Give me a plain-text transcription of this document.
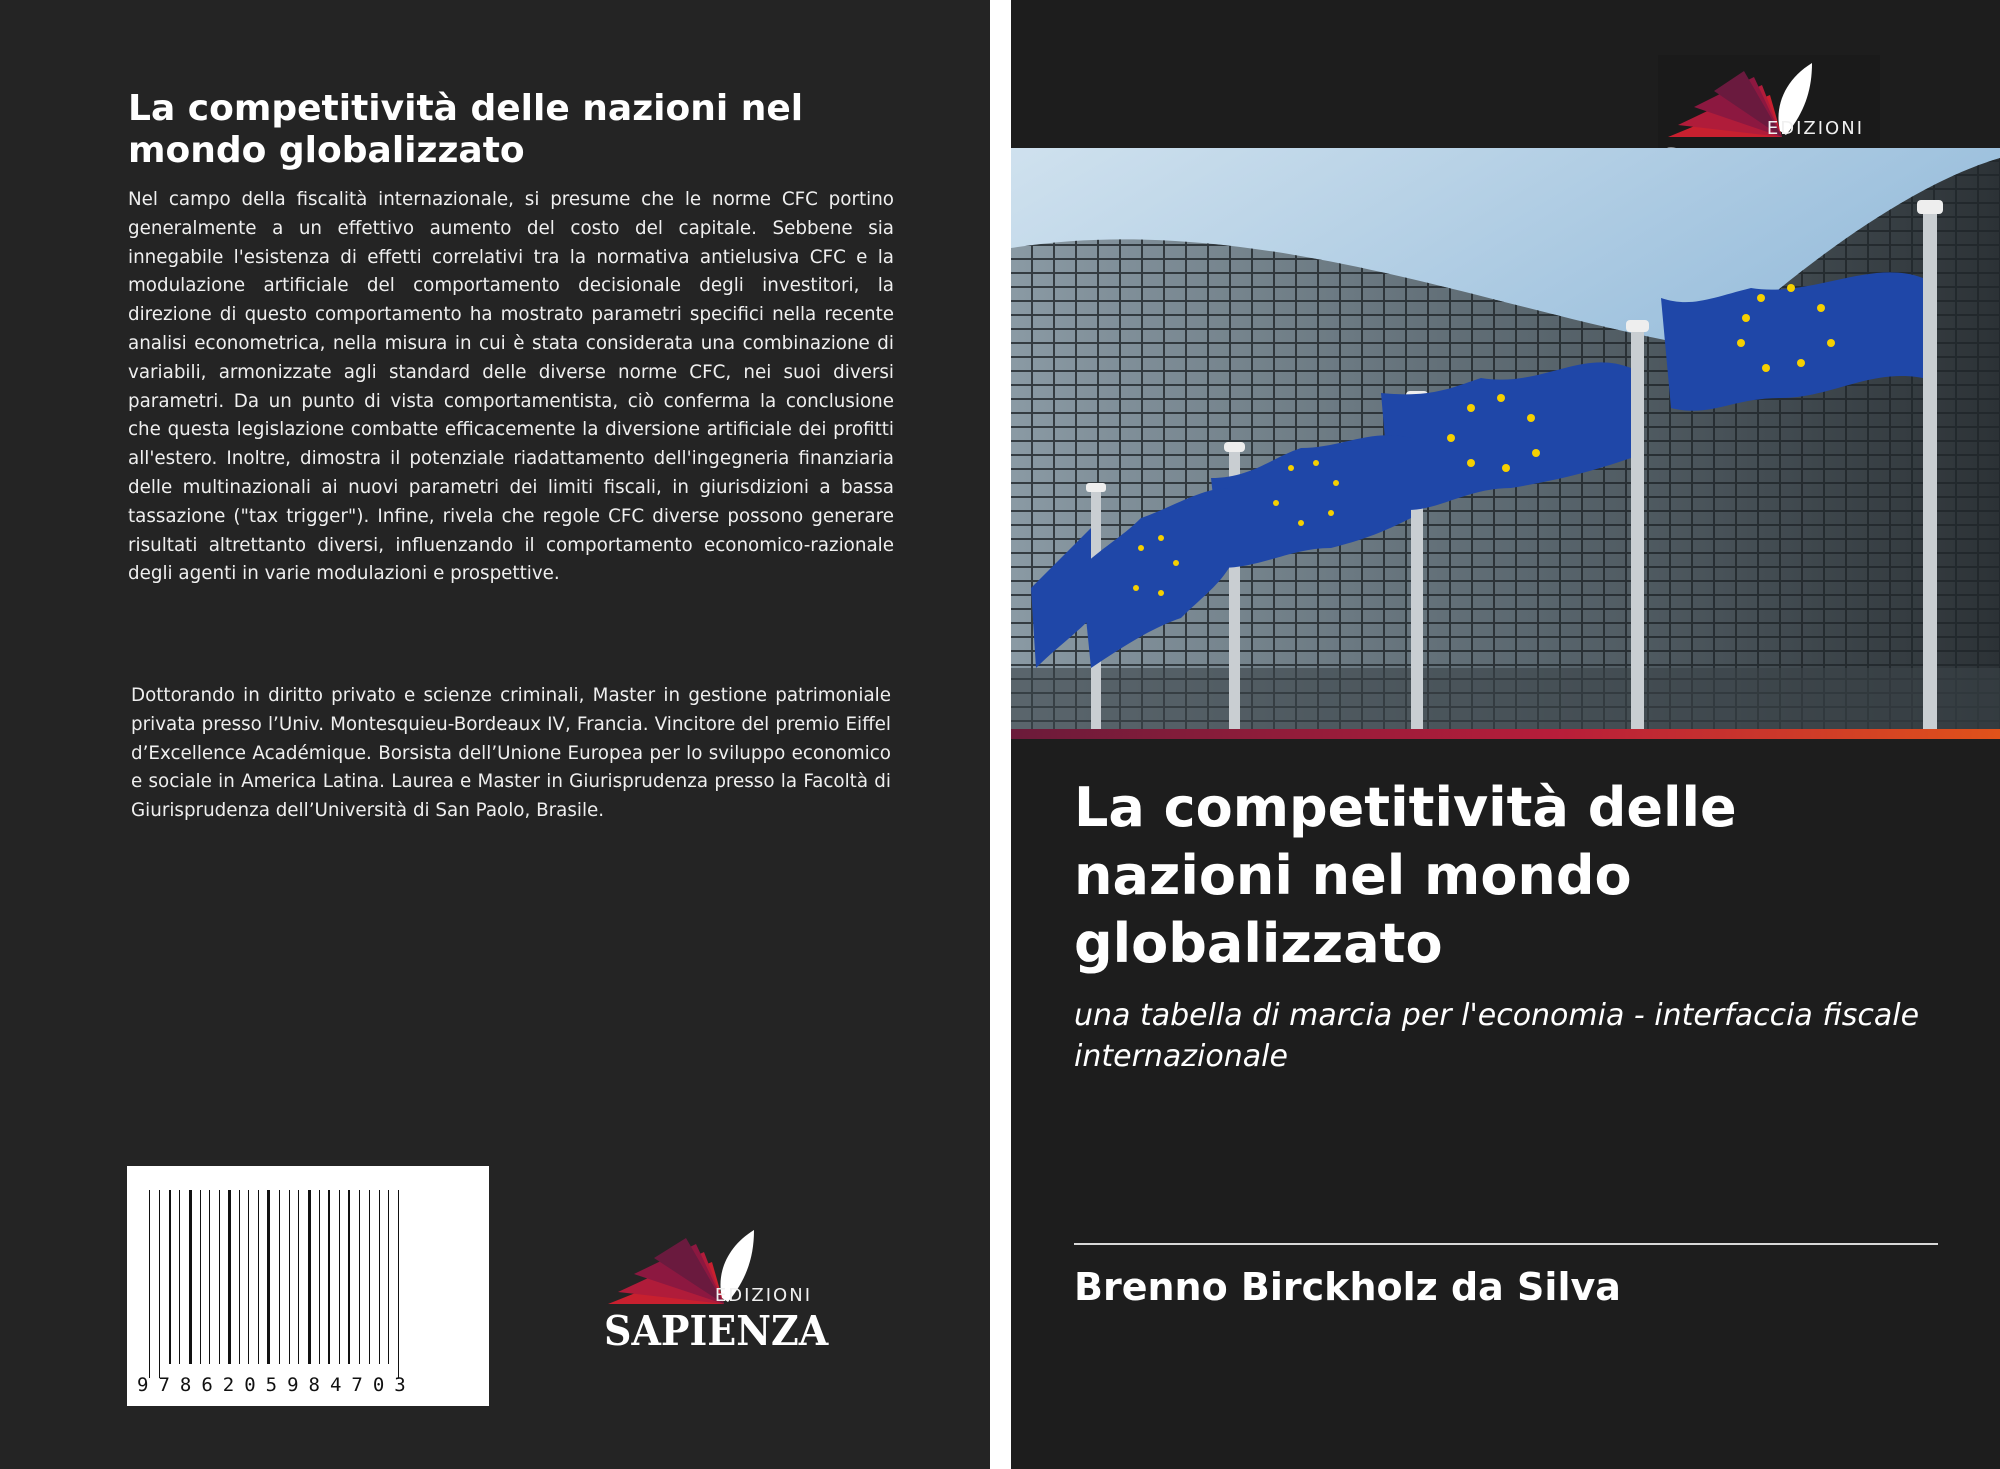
La competitività delle nazioni nel mondo globalizzato

Nel campo della fiscalità internazionale, si presume che le norme CFC portino generalmente a un effettivo aumento del costo del capitale. Sebbene sia innegabile l'esistenza di effetti correlativi tra la normativa antielusiva CFC e la modulazione artificiale del comportamento decisionale degli investitori, la direzione di questo comportamento ha mostrato parametri specifici nella recente analisi econometrica, nella misura in cui è stata considerata una combinazione di variabili, armonizzate agli standard delle diverse norme CFC, nei suoi diversi parametri. Da un punto di vista comportamentista, ciò conferma la conclusione che questa legislazione combatte efficacemente la diversione artificiale dei profitti all'estero. Inoltre, dimostra il potenziale riadattamento dell'ingegneria finanziaria delle multinazionali ai nuovi parametri dei limiti fiscali, in giurisdizioni a bassa tassazione ("tax trigger"). Infine, rivela che regole CFC diverse possono generare risultati altrettanto diversi, influenzando il comportamento economico-razionale degli agenti in varie modulazioni e prospettive.

Dottorando in diritto privato e scienze criminali, Master in gestione patrimoniale privata presso l’Univ. Montesquieu-Bordeaux IV, Francia. Vincitore del premio Eiffel d’Excellence Académique. Borsista dell’Unione Europea per lo sviluppo economico e sociale in America Latina. Laurea e Master in Giurisprudenza presso la Facoltà di Giurisprudenza dell’Università di San Paolo, Brasile.

9786205984703

EDIZIONI

SAPIENZA

EDIZIONI

La competitività delle nazioni nel mondo globalizzato

una tabella di marcia per l'economia - interfaccia fiscale internazionale

Brenno Birckholz da Silva
